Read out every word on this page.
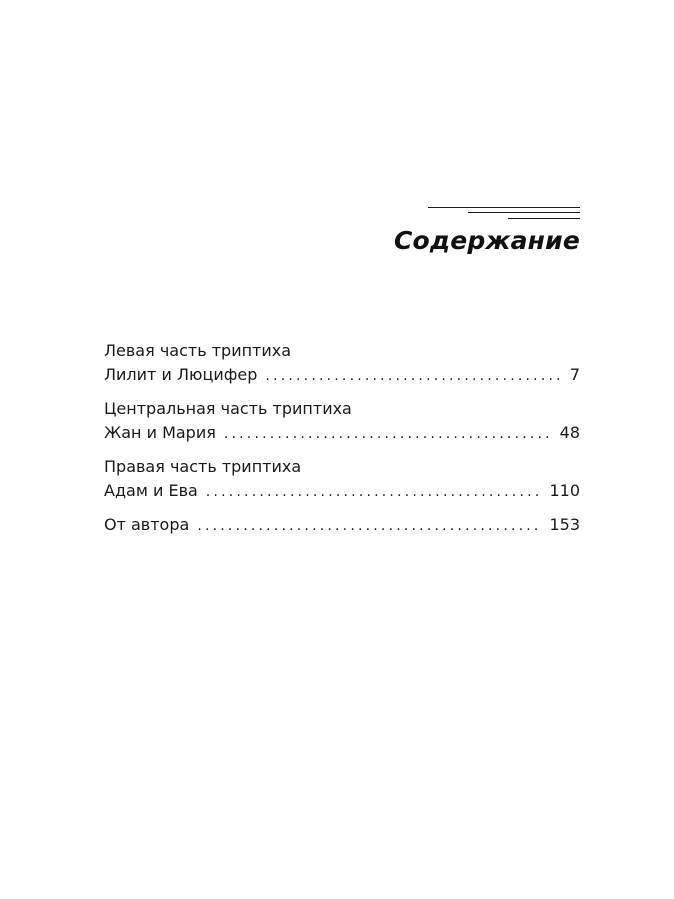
Содержание
Левая часть триптиха
Лилит и Люцифер .....	7
Центральная часть триптиха
Жан и Мария .....	48
Правая часть триптиха
Адам и Ева .....	110
От автора .....	153
